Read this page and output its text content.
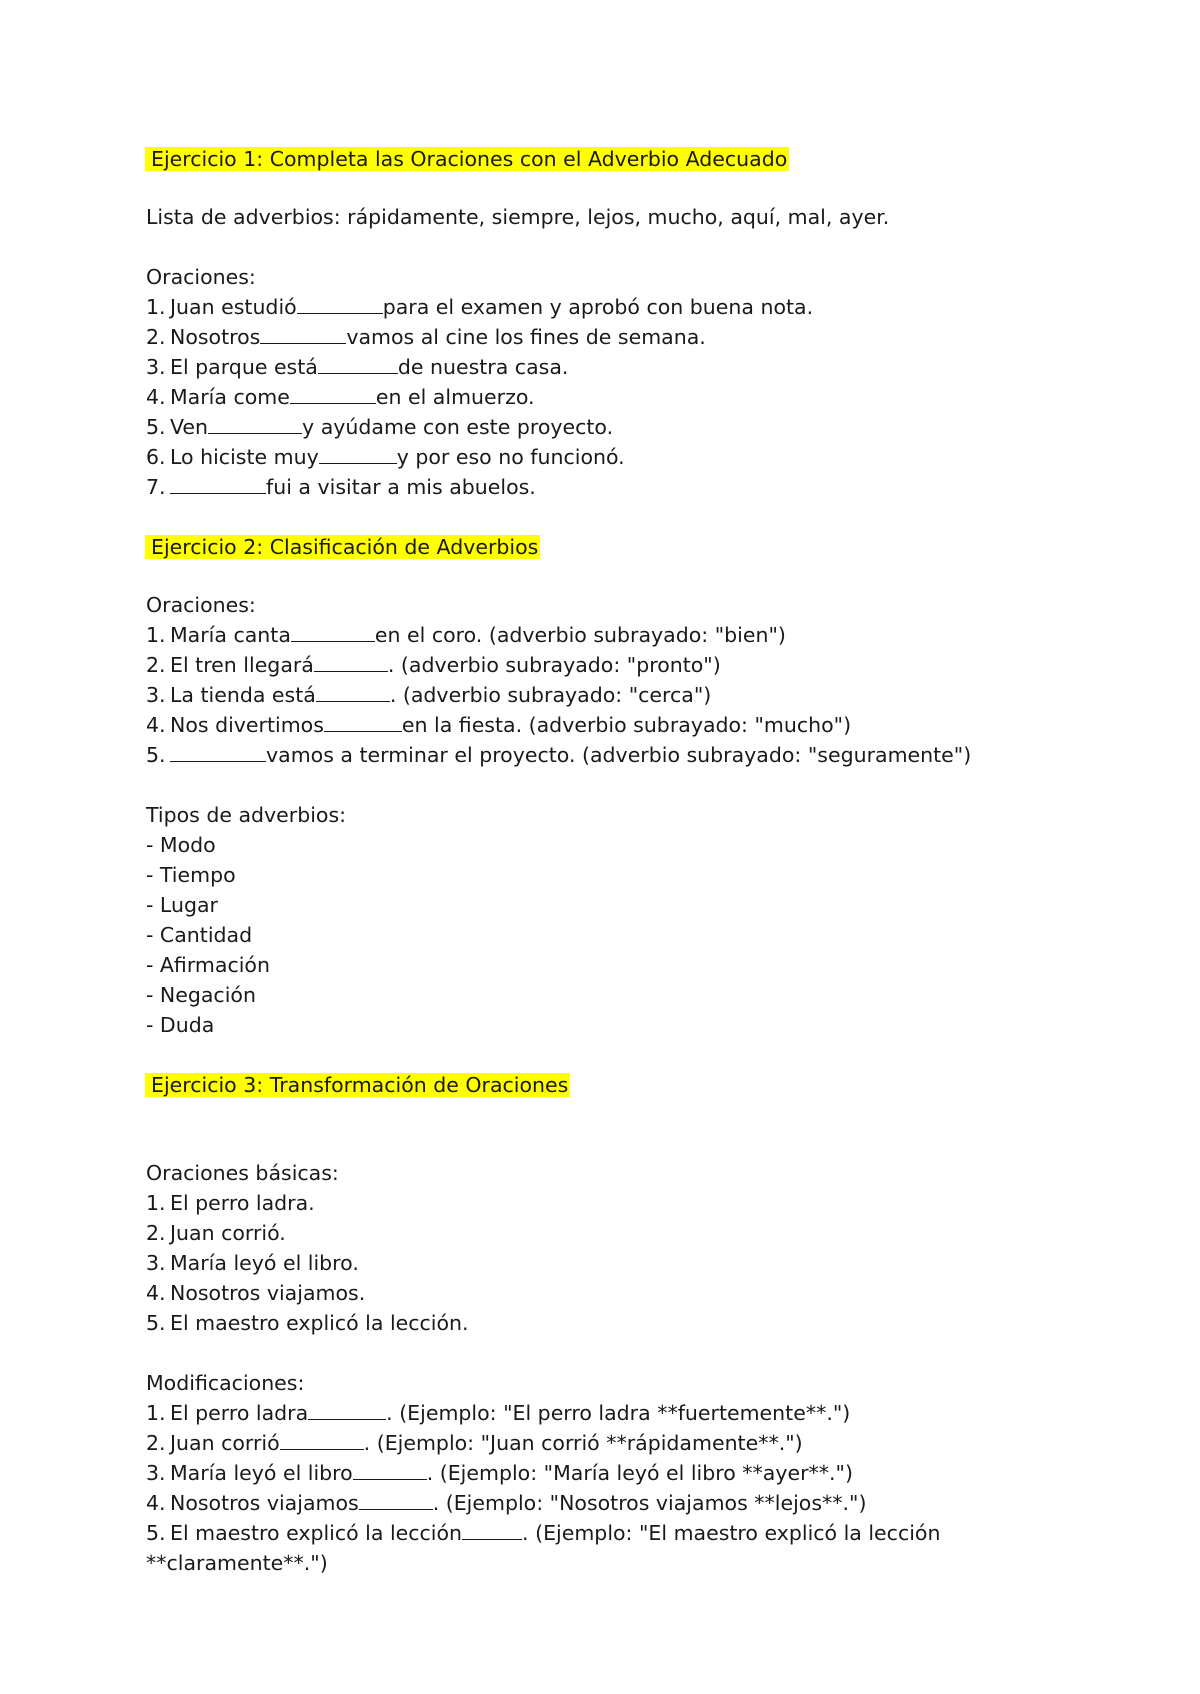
Ejercicio 1: Completa las Oraciones con el Adverbio Adecuado
Lista de adverbios: rápidamente, siempre, lejos, mucho, aquí, mal, ayer.
Oraciones:
1. Juan estudió	para el examen y aprobó con buena nota.
2. Nosotros	vamos al cine los fines de semana.
3. El parque está	de nuestra casa.
4. María come	en el almuerzo.
5. Ven	y ayúdame con este proyecto.
6. Lo hiciste muy	y por eso no funcionó.
7.	fui a visitar a mis abuelos.
Ejercicio 2: Clasificación de Adverbios
Oraciones:
1. María canta	en el coro. (adverbio subrayado: "bien")
2. El tren llegará	. (adverbio subrayado: "pronto")
3. La tienda está	. (adverbio subrayado: "cerca")
4. Nos divertimos	en la fiesta. (adverbio subrayado: "mucho")
5.	vamos a terminar el proyecto. (adverbio subrayado: "seguramente")
Tipos de adverbios:
- Modo
- Tiempo
- Lugar
- Cantidad
- Afirmación
- Negación
- Duda
Ejercicio 3: Transformación de Oraciones
Oraciones básicas:
1. El perro ladra.
2. Juan corrió.
3. María leyó el libro.
4. Nosotros viajamos.
5. El maestro explicó la lección.
Modificaciones:
1. El perro ladra	. (Ejemplo: "El perro ladra **fuertemente**.")
2. Juan corrió	. (Ejemplo: "Juan corrió **rápidamente**.")
3. María leyó el libro	. (Ejemplo: "María leyó el libro **ayer**.")
4. Nosotros viajamos	. (Ejemplo: "Nosotros viajamos **lejos**.")
5. El maestro explicó la lección	. (Ejemplo: "El maestro explicó la lección
**claramente**.")
